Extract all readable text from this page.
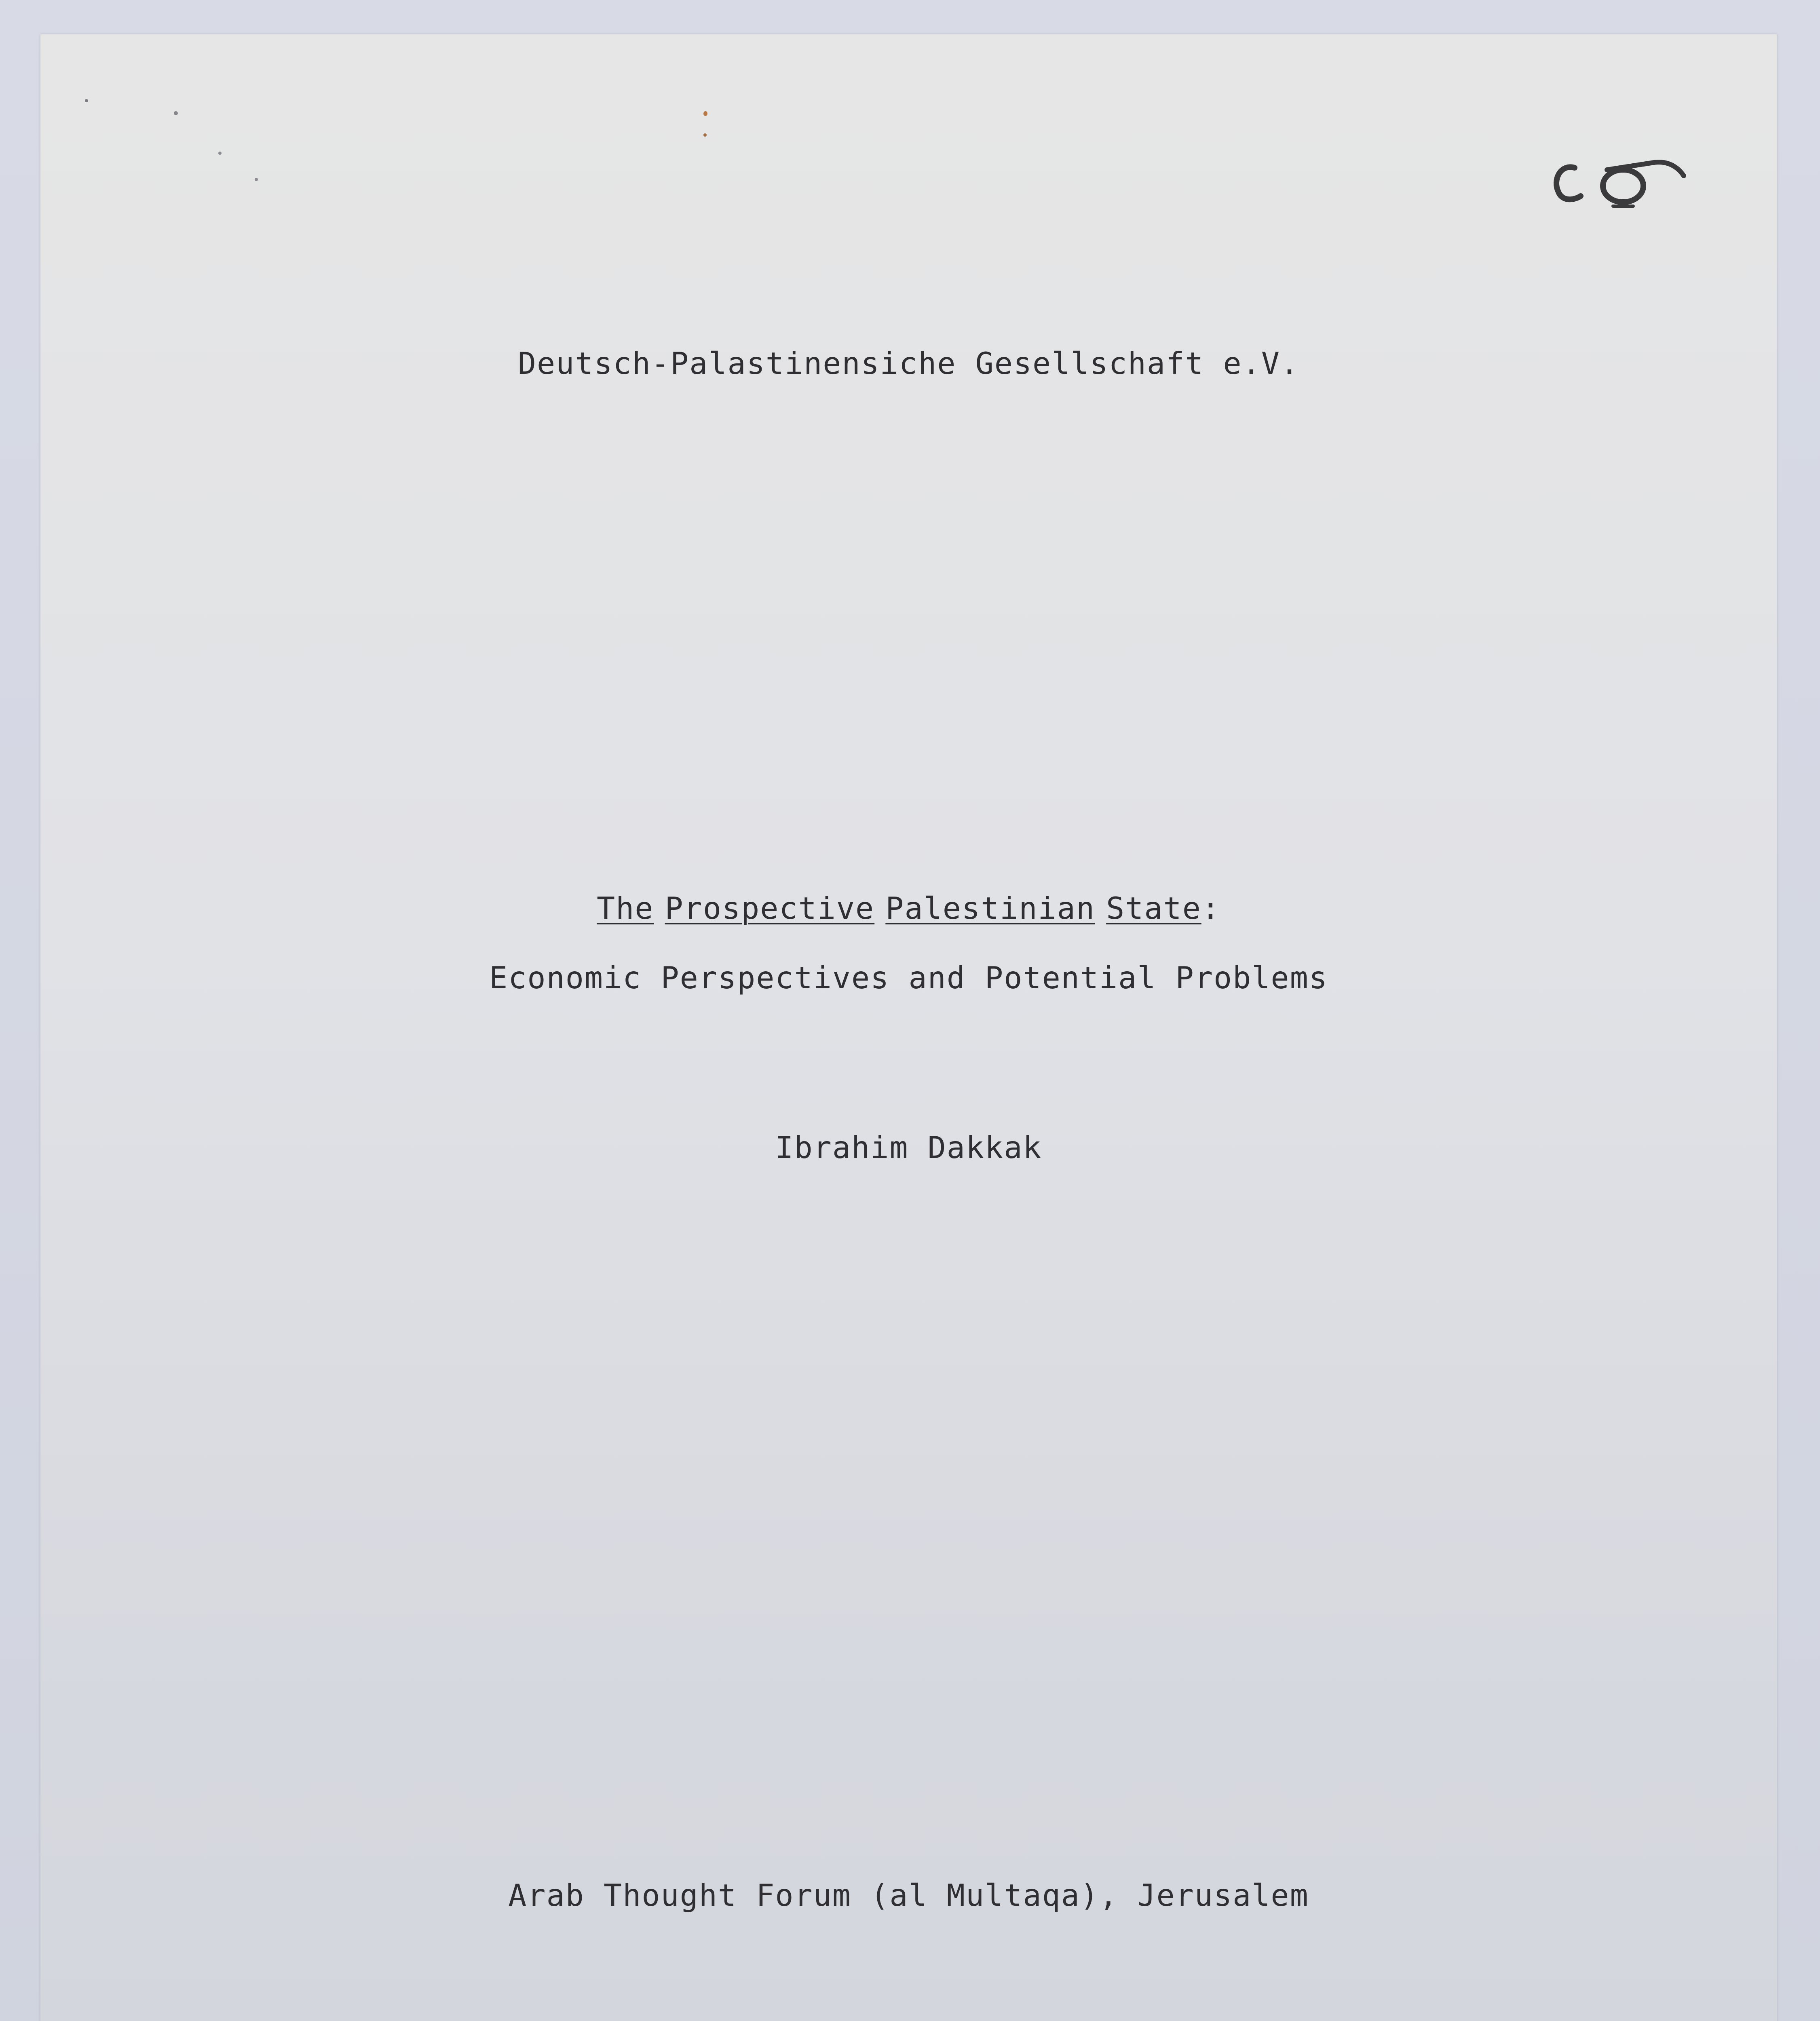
Deutsch-Palastinensiche Gesellschaft e.V.
The Prospective Palestinian State:
Economic Perspectives and Potential Problems
Ibrahim Dakkak
Arab Thought Forum (al Multaqa), Jerusalem
